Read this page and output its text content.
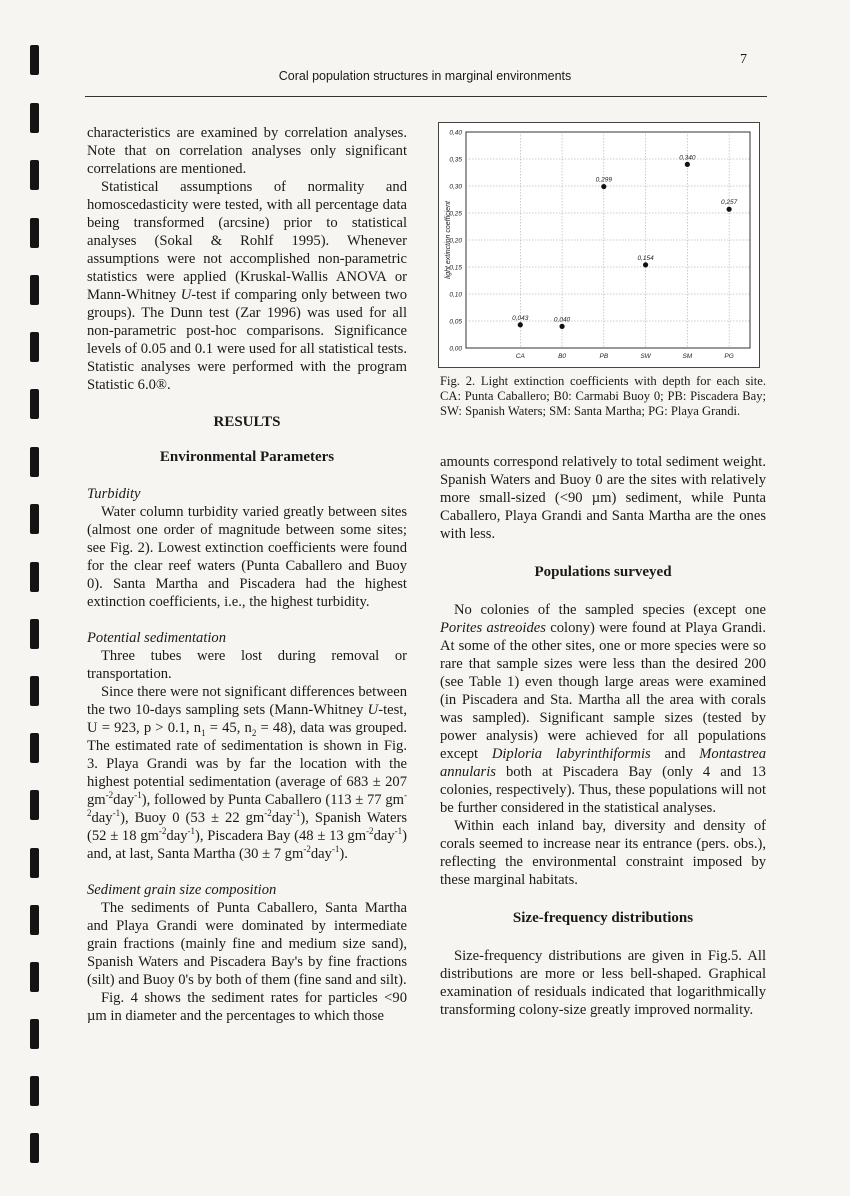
7
Coral population structures in marginal environments

characteristics are examined by correlation analyses. Note that on correlation analyses only significant correlations are mentioned.

Statistical assumptions of normality and homoscedasticity were tested, with all percentage data being transformed (arcsine) prior to statistical analyses (Sokal & Rohlf 1995). Whenever assumptions were not accomplished non-parametric statistics were applied (Kruskal-Wallis ANOVA or Mann-Whitney U-test if comparing only between two groups). The Dunn test (Zar 1996) was used for all non-parametric post-hoc comparisons. Significance levels of 0.05 and 0.1 were used for all statistical tests. Statistic analyses were performed with the program Statistic 6.0®.

RESULTS

Environmental Parameters

Turbidity

Water column turbidity varied greatly between sites (almost one order of magnitude between some sites; see Fig. 2). Lowest extinction coefficients were found for the clear reef waters (Punta Caballero and Buoy 0). Santa Martha and Piscadera had the highest extinction coefficients, i.e., the highest turbidity.

Potential sedimentation

Three tubes were lost during removal or transportation.

Since there were not significant differences between the two 10-days sampling sets (Mann-Whitney U-test, U = 923, p > 0.1, $n_1 = 45$, $n_2 = 48$), data was grouped. The estimated rate of sedimentation is shown in Fig. 3. Playa Grandi was by far the location with the highest potential sedimentation (average of 683 ± 207 $gm^{-2}day^{-1}$), followed by Punta Caballero (113 ± 77 $gm^{-2}day^{-1}$), Buoy 0 (53 ± 22 $gm^{-2}day^{-1}$), Spanish Waters (52 ± 18 $gm^{-2}day^{-1}$), Piscadera Bay (48 ± 13 $gm^{-2}day^{-1}$) and, at last, Santa Martha (30 ± 7 $gm^{-2}day^{-1}$).

Sediment grain size composition

The sediments of Punta Caballero, Santa Martha and Playa Grandi were dominated by intermediate grain fractions (mainly fine and medium size sand), Spanish Waters and Piscadera Bay's by fine fractions (silt) and Buoy 0's by both of them (fine sand and silt).

Fig. 4 shows the sediment rates for particles <90 µm in diameter and the percentages to which those

0,00
0,05
0,10
0,15
0,20
0,25
0,30
0,35
0,40
CA	B0	PB	SW	SM	PG
0,043	0,040
0,299
0,154
0,340
0,257
light extinction coefficient

Fig. 2. Light extinction coefficients with depth for each site. CA: Punta Caballero; B0: Carmabi Buoy 0; PB: Piscadera Bay; SW: Spanish Waters; SM: Santa Martha; PG: Playa Grandi.

amounts correspond relatively to total sediment weight. Spanish Waters and Buoy 0 are the sites with relatively more small-sized (<90 µm) sediment, while Punta Caballero, Playa Grandi and Santa Martha are the ones with less.

Populations surveyed

No colonies of the sampled species (except one Porites astreoides colony) were found at Playa Grandi. At some of the other sites, one or more species were so rare that sample sizes were less than the desired 200 (see Table 1) even though large areas were examined (in Piscadera and Sta. Martha all the area with corals was sampled). Significant sample sizes (tested by power analysis) were achieved for all populations except Diploria labyrinthiformis and Montastrea annularis both at Piscadera Bay (only 4 and 13 colonies, respectively). Thus, these populations will not be further considered in the statistical analyses.

Within each inland bay, diversity and density of corals seemed to increase near its entrance (pers. obs.), reflecting the environmental constraint imposed by these marginal habitats.

Size-frequency distributions

Size-frequency distributions are given in Fig.5. All distributions are more or less bell-shaped. Graphical examination of residuals indicated that logarithmically transforming colony-size greatly improved normality.
